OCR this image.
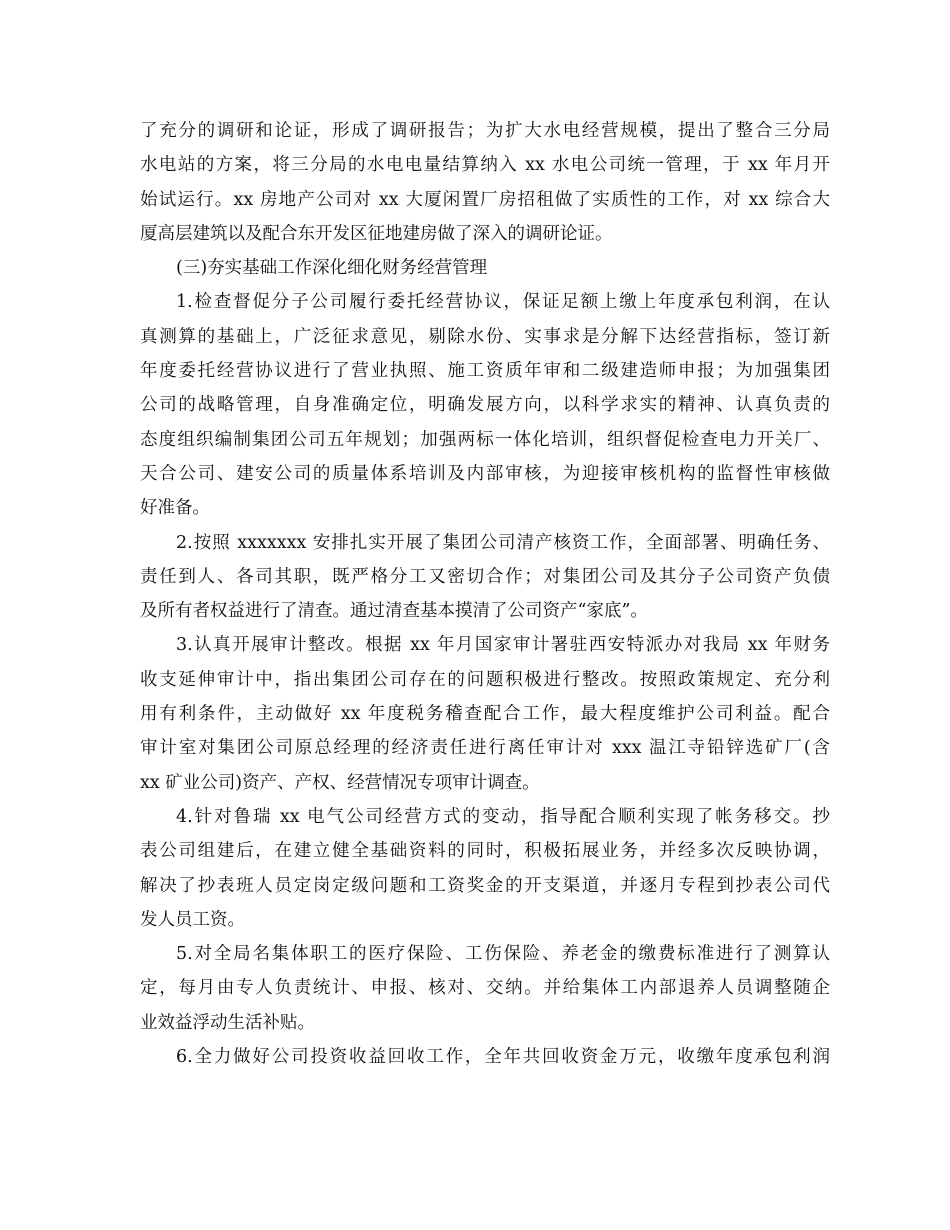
了充分的调研和论证，形成了调研报告；为扩大水电经营规模，提出了整合三分局
水电站的方案，将三分局的水电电量结算纳入 xx 水电公司统一管理，于 xx 年月开
始试运行。xx 房地产公司对 xx 大厦闲置厂房招租做了实质性的工作，对 xx 综合大
厦高层建筑以及配合东开发区征地建房做了深入的调研论证。
(三)夯实基础工作深化细化财务经营管理
1.检查督促分子公司履行委托经营协议，保证足额上缴上年度承包利润，在认
真测算的基础上，广泛征求意见，剔除水份、实事求是分解下达经营指标，签订新
年度委托经营协议进行了营业执照、施工资质年审和二级建造师申报；为加强集团
公司的战略管理，自身准确定位，明确发展方向，以科学求实的精神、认真负责的
态度组织编制集团公司五年规划；加强两标一体化培训，组织督促检查电力开关厂、
天合公司、建安公司的质量体系培训及内部审核，为迎接审核机构的监督性审核做
好准备。
2.按照 xxxxxxx 安排扎实开展了集团公司清产核资工作，全面部署、明确任务、
责任到人、各司其职，既严格分工又密切合作；对集团公司及其分子公司资产负债
及所有者权益进行了清查。通过清查基本摸清了公司资产“家底”。
3.认真开展审计整改。根据 xx 年月国家审计署驻西安特派办对我局 xx 年财务
收支延伸审计中，指出集团公司存在的问题积极进行整改。按照政策规定、充分利
用有利条件，主动做好 xx 年度税务稽查配合工作，最大程度维护公司利益。配合
审计室对集团公司原总经理的经济责任进行离任审计对 xxx 温江寺铅锌选矿厂(含
xx 矿业公司)资产、产权、经营情况专项审计调查。
4.针对鲁瑞 xx 电气公司经营方式的变动，指导配合顺利实现了帐务移交。抄
表公司组建后，在建立健全基础资料的同时，积极拓展业务，并经多次反映协调，
解决了抄表班人员定岗定级问题和工资奖金的开支渠道，并逐月专程到抄表公司代
发人员工资。
5.对全局名集体职工的医疗保险、工伤保险、养老金的缴费标准进行了测算认
定，每月由专人负责统计、申报、核对、交纳。并给集体工内部退养人员调整随企
业效益浮动生活补贴。
6.全力做好公司投资收益回收工作，全年共回收资金万元，收缴年度承包利润
